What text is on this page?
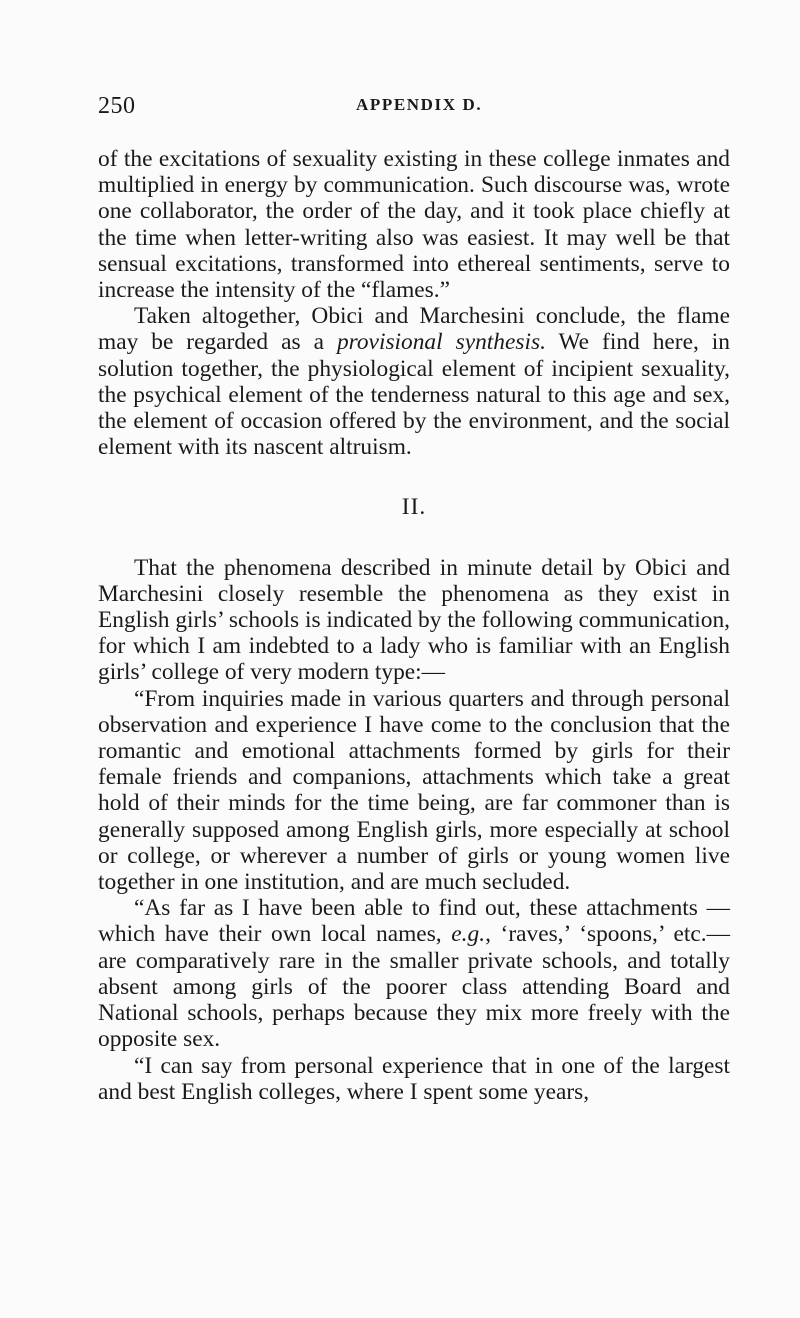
250	APPENDIX D.

of the excitations of sexuality existing in these college inmates and multiplied in energy by communication. Such discourse was, wrote one collaborator, the order of the day, and it took place chiefly at the time when letter-writing also was easiest. It may well be that sensual excitations, transformed into ethereal sentiments, serve to increase the intensity of the “flames.”

Taken altogether, Obici and Marchesini conclude, the flame may be regarded as a provisional synthesis. We find here, in solution together, the physiological element of incipient sexuality, the psychical element of the tenderness natural to this age and sex, the element of occasion offered by the environment, and the social element with its nascent altruism.

II.

That the phenomena described in minute detail by Obici and Marchesini closely resemble the phenomena as they exist in English girls’ schools is indicated by the following communication, for which I am indebted to a lady who is familiar with an English girls’ college of very modern type:—

“From inquiries made in various quarters and through personal observation and experience I have come to the conclusion that the romantic and emotional attachments formed by girls for their female friends and companions, attachments which take a great hold of their minds for the time being, are far commoner than is generally supposed among English girls, more especially at school or college, or wherever a number of girls or young women live together in one institution, and are much secluded.

“As far as I have been able to find out, these attachments —which have their own local names, e.g., ‘raves,’ ‘spoons,’ etc.— are comparatively rare in the smaller private schools, and totally absent among girls of the poorer class attending Board and National schools, perhaps because they mix more freely with the opposite sex.

“I can say from personal experience that in one of the largest and best English colleges, where I spent some years,
